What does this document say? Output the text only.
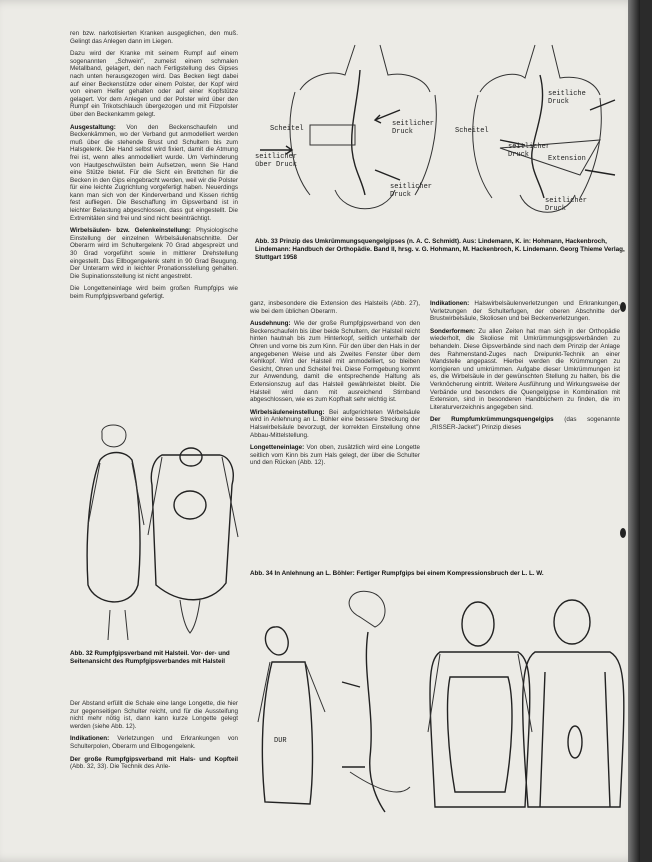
ren bzw. narkotisierten Kranken ausgeglichen, den muß. Gelingt das Anlegen dann im Liegen.

Dazu wird der Kranke mit seinem Rumpf auf einem sogenannten „Schwein", zumeist einem schmalen Metallband, gelagert, den nach Fertigstellung des Gipses nach unten herausgezogen wird. Das Becken liegt dabei auf einer Beckenstütze oder einem Polster, der Kopf wird von einem Helfer gehalten oder auf einer Kopfstütze gelagert. Vor dem Anlegen und der Polster wird über den Rumpf ein Trikotschlauch übergezogen und mit Filzpolster über den Beckenkamm gelegt.

Ausgestaltung: Von den Beckenschaufeln und Beckenkämmen, wo der Verband gut anmodelliert werden muß über die stehende Brust und Schultern bis zum Halsgelenk. Die Hand selbst wird fixiert, damit die Atmung frei ist, wenn alles anmodelliert wurde. Um Verhinderung von Hautgeschwülsten beim Aufsetzen, wenn Sie Hand eine Stütze bietet. Für die Sicht ein Brettchen für die Becken in den Gips eingebracht werden, weil wir die Polster für eine leichte Zugrichtung vorgefertigt haben. Neuerdings kann man sich von der Kinderverband und Kissen richtig fest aufliegen. Die Beschaffung im Gipsverband ist in leichter Belastung abgeschlossen, dass gut eingestellt. Die Extremitäten sind frei und sind nicht beeinträchtigt.

Wirbelsäulen- bzw. Gelenkeinstellung: Physiologische Einstellung der einzelnen Wirbelsäulenabschnitte. Der Oberarm wird im Schultergelenk 70 Grad abgespreizt und 30 Grad vorgeführt sowie in mittlerer Drehstellung eingestellt. Das Ellbogengelenk steht in 90 Grad Beugung. Der Unterarm wird in leichter Pronationsstellung gehalten. Die Supinationsstellung ist nicht angestrebt.

Die Longetteneinlage wird beim großen Rumpfgips wie beim Rumpfgipsverband gefertigt.

Abb. 32 Rumpfgipsverband mit Halsteil. Vor- der- und Seitenansicht des Rumpfgipsverbandes mit Halsteil

Der Abstand erfüllt die Schale eine lange Longette, die hier zur gegenseitigen Schulter reicht, und für die Aussteifung nicht mehr nötig ist, dann kann kurze Longette gelegt werden (siehe Abb. 12).

Indikationen: Verletzungen und Erkrankungen von Schulterpolen, Oberarm und Ellbogengelenk.

Der große Rumpfgipsverband mit Hals- und Kopfteil (Abb. 32, 33). Die Technik des Anle-

Scheitel
seitlicher Druck
seitlicher über Druck
seitlicher Druck
seitliche Druck
Scheitel
seitlicher Druck	Extension
seitlicher Druck
Abb. 33 Prinzip des Umkrümmungsquengelgipses (n. A. C. Schmidt). Aus: Lindemann, K. in: Hohmann, Hackenbroch, Lindemann: Handbuch der Orthopädie. Band II, hrsg. v. G. Hohmann, M. Hackenbroch, K. Lindemann. Georg Thieme Verlag, Stuttgart 1958

ganz, insbesondere die Extension des Halsteils (Abb. 27), wie bei dem üblichen Oberarm.

Ausdehnung: Wie der große Rumpfgipsverband von den Beckenschaufeln bis über beide Schultern, der Halsteil reicht hinten hautnah bis zum Hinterkopf, seitlich unterhalb der Ohren und vorne bis zum Kinn. Für den über den Hals in der angegebenen Weise und als Zweites Fenster über dem Kehlkopf. Wird der Halsteil mit anmodelliert, so bleiben Gesicht, Ohren und Scheitel frei. Diese Formgebung kommt zur Anwendung, damit die entsprechende Haltung als Extensionszug auf das Halsteil gewährleistet bleibt. Die Halsteil wird dann mit ausreichend Stirnband abgeschlossen, wie es zum Kopfhalt sehr wichtig ist.

Wirbelsäuleneinstellung: Bei aufgerichteten Wirbelsäule wird in Anlehnung an L. Böhler eine bessere Streckung der Halswirbelsäule bevorzugt, der korrekten Einstellung ohne Abbau-Mittelstellung.

Longetteneinlage: Von oben, zusätzlich wird eine Longette seitlich vom Kinn bis zum Hals gelegt, der über die Schulter und den Rücken (Abb. 12).

Indikationen: Halswirbelsäulenverletzungen und Erkrankungen, Verletzungen der Schulterfugen, der oberen Abschnitte der Brustwirbelsäule, Skoliosen und bei Beckenverletzungen.

Sonderformen: Zu allen Zeiten hat man sich in der Orthopädie wiederholt, die Skoliose mit Umkrümmungsgipsverbänden zu behandeln. Diese Gipsverbände sind nach dem Prinzip der Anlage des Rahmenstand-Zuges nach Dreipunkt-Technik an einer Wandstelle angepasst. Hierbei werden die Krümmungen zu korrigieren und umkrümmen. Aufgabe dieser Umkrümmungen ist es, die Wirbelsäule in der gewünschten Stellung zu halten, bis die Verknöcherung eintritt. Weitere Ausführung und Wirkungsweise der Verbände und besonders die Quengelgipse in Kombination mit Extension, sind in besonderen Handbüchern zu finden, die im Literaturverzeichnis angegeben sind.

Der Rumpfumkrümmungsquengelgips (das sogenannte „RISSER-Jacket") Prinzip dieses

Abb. 34 In Anlehnung an L. Böhler: Fertiger Rumpfgips bei einem Kompressionsbruch der L. L. W.
DUR
